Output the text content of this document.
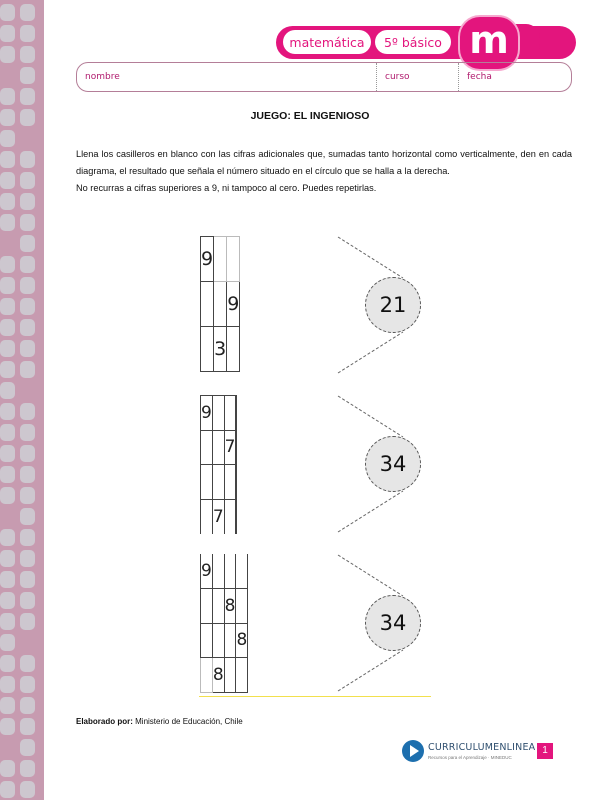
matemática	5º básico m
nombre	curso	fecha
JUEGO: EL INGENIOSO

Llena los casilleros en blanco con las cifras adicionales que, sumadas tanto horizontal como verticalmente, den en cada diagrama, el resultado que señala el número situado en el círculo que se halla a la derecha.

No recurras a cifras superiores a 9, ni tampoco al cero. Puedes repetirlas.

9		
		9
	3	
21
9			
		7	

	7		
34
9			
		8	
			8
	8		
34
Elaborado por: Ministerio de Educación, Chile
CURRICULUMENLINEA
Recursos para el Aprendizaje · MINEDUC
1
